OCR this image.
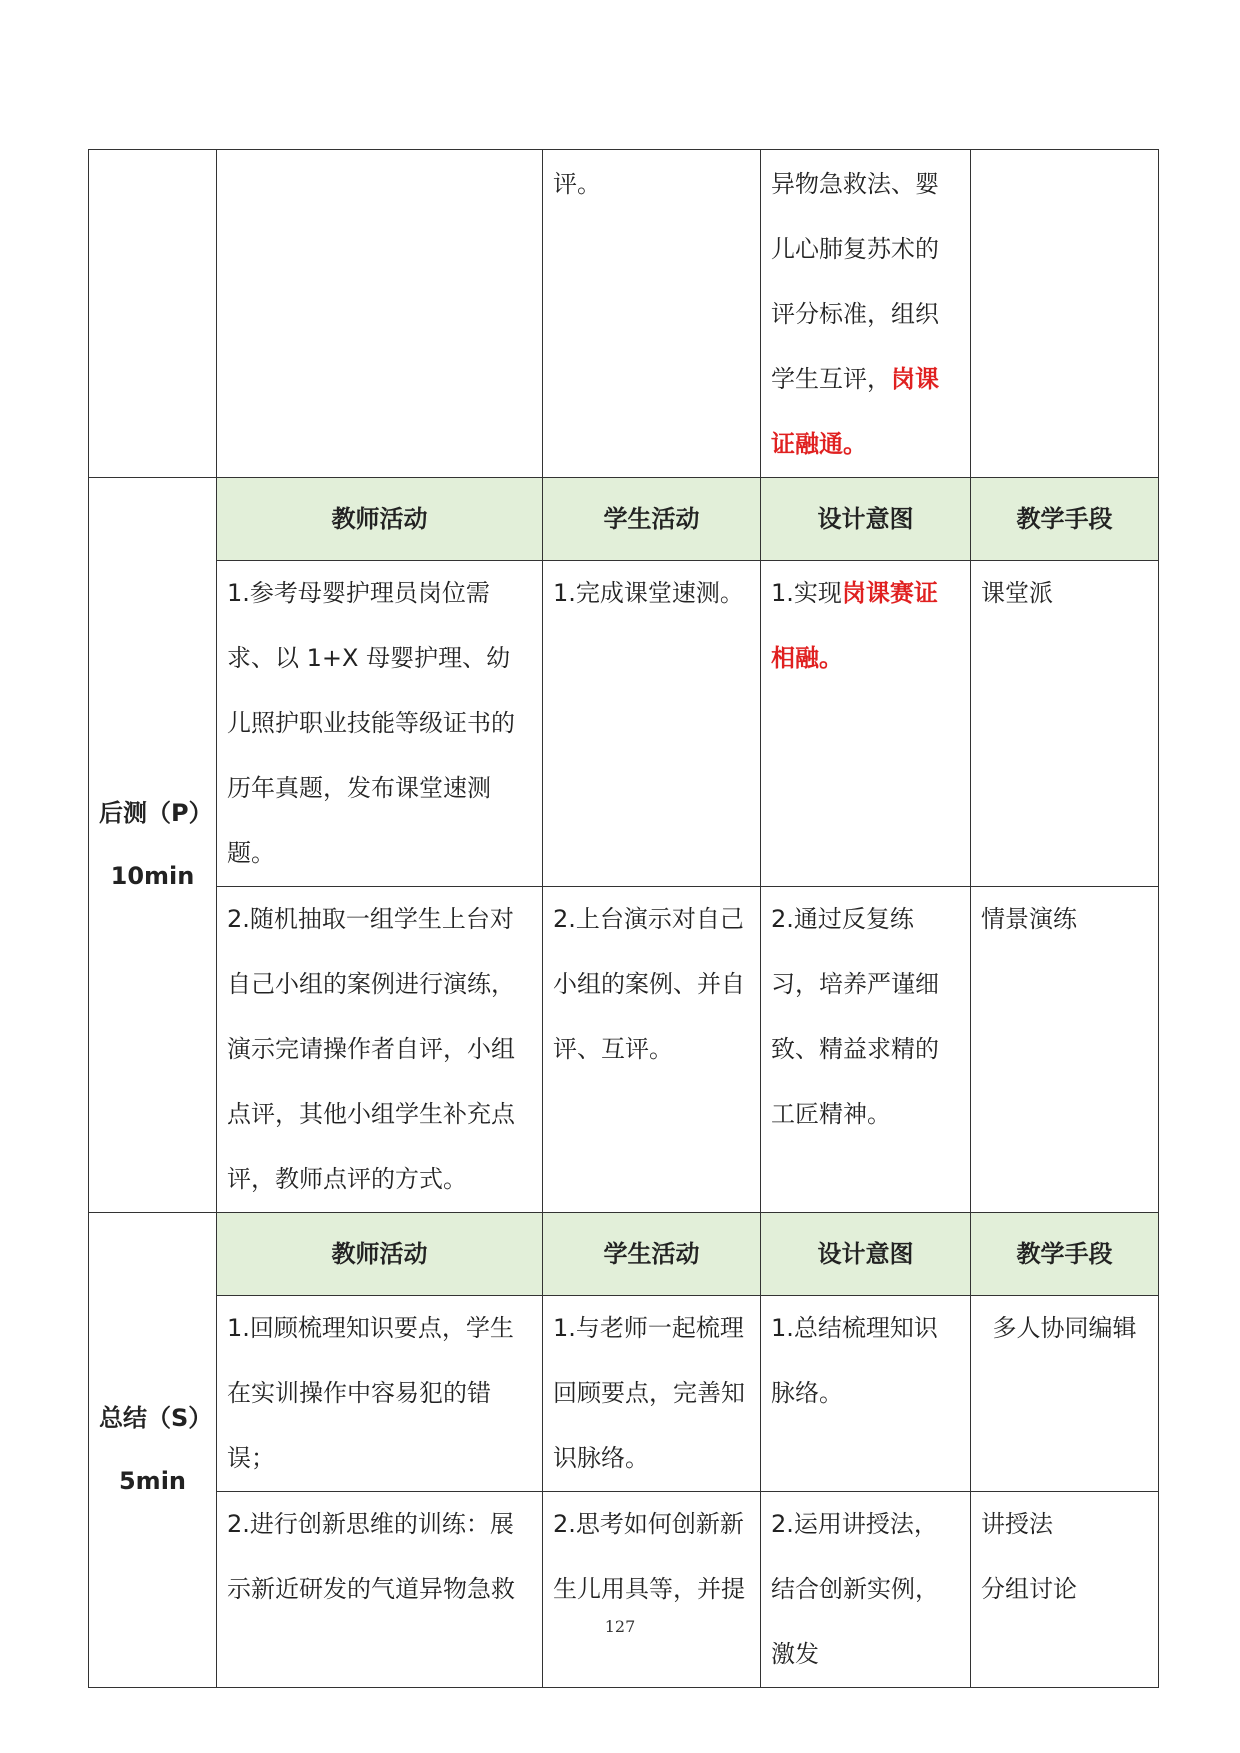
		评。	异物急救法、婴儿心肺复苏术的评分标准，组织学生互评，岗课证融通。	

后测（P）
10min	教师活动	学生活动	设计意图	教学手段
	1.参考母婴护理员岗位需求、以 1+X 母婴护理、幼儿照护职业技能等级证书的历年真题，发布课堂速测题。	1.完成课堂速测。	1.实现岗课赛证相融。	课堂派
	2.随机抽取一组学生上台对自己小组的案例进行演练，演示完请操作者自评，小组点评，其他小组学生补充点评，教师点评的方式。	2.上台演示对自己小组的案例、并自评、互评。	2.通过反复练习，培养严谨细致、精益求精的工匠精神。	情景演练

总结（S）
5min	教师活动	学生活动	设计意图	教学手段
	1.回顾梳理知识要点，学生在实训操作中容易犯的错误；	1.与老师一起梳理回顾要点，完善知识脉络。	1.总结梳理知识脉络。	多人协同编辑
	2.进行创新思维的训练：展示新近研发的气道异物急救	2.思考如何创新新生儿用具等，并提	2.运用讲授法，结合创新实例，激发	讲授法
分组讨论
127
